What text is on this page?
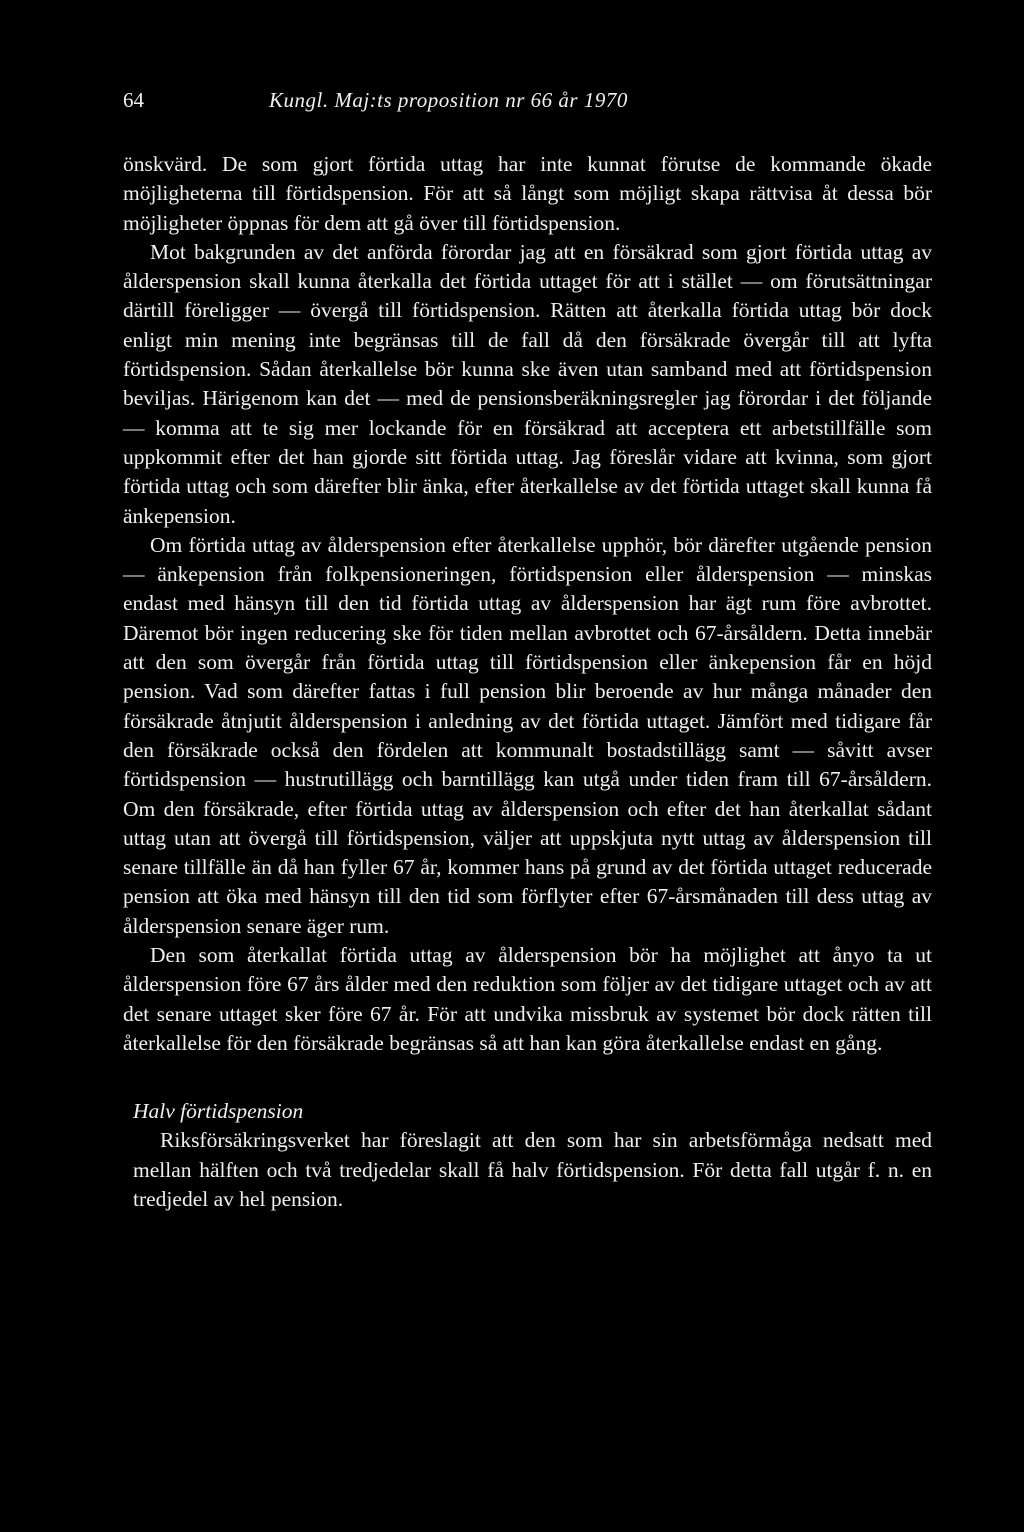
64	Kungl. Maj:ts proposition nr 66 år 1970

önskvärd. De som gjort förtida uttag har inte kunnat förutse de kommande ökade möjligheterna till förtidspension. För att så långt som möjligt skapa rättvisa åt dessa bör möjligheter öppnas för dem att gå över till förtidspension.

Mot bakgrunden av det anförda förordar jag att en försäkrad som gjort förtida uttag av ålderspension skall kunna återkalla det förtida uttaget för att i stället — om förutsättningar därtill föreligger — övergå till förtidspension. Rätten att återkalla förtida uttag bör dock enligt min mening inte begränsas till de fall då den försäkrade övergår till att lyfta förtidspension. Sådan återkallelse bör kunna ske även utan samband med att förtidspension beviljas. Härigenom kan det — med de pensionsberäkningsregler jag förordar i det följande — komma att te sig mer lockande för en försäkrad att acceptera ett arbetstillfälle som uppkommit efter det han gjorde sitt förtida uttag. Jag föreslår vidare att kvinna, som gjort förtida uttag och som därefter blir änka, efter återkallelse av det förtida uttaget skall kunna få änkepension.

Om förtida uttag av ålderspension efter återkallelse upphör, bör därefter utgående pension — änkepension från folkpensioneringen, förtidspension eller ålderspension — minskas endast med hänsyn till den tid förtida uttag av ålderspension har ägt rum före avbrottet. Däremot bör ingen reducering ske för tiden mellan avbrottet och 67-årsåldern. Detta innebär att den som övergår från förtida uttag till förtidspension eller änkepension får en höjd pension. Vad som därefter fattas i full pension blir beroende av hur många månader den försäkrade åtnjutit ålderspension i anledning av det förtida uttaget. Jämfört med tidigare får den försäkrade också den fördelen att kommunalt bostadstillägg samt — såvitt avser förtidspension — hustrutillägg och barntillägg kan utgå under tiden fram till 67-årsåldern. Om den försäkrade, efter förtida uttag av ålderspension och efter det han återkallat sådant uttag utan att övergå till förtidspension, väljer att uppskjuta nytt uttag av ålderspension till senare tillfälle än då han fyller 67 år, kommer hans på grund av det förtida uttaget reducerade pension att öka med hänsyn till den tid som förflyter efter 67-årsmånaden till dess uttag av ålderspension senare äger rum.

Den som återkallat förtida uttag av ålderspension bör ha möjlighet att ånyo ta ut ålderspension före 67 års ålder med den reduktion som följer av det tidigare uttaget och av att det senare uttaget sker före 67 år. För att undvika missbruk av systemet bör dock rätten till återkallelse för den försäkrade begränsas så att han kan göra återkallelse endast en gång.

Halv förtidspension

Riksförsäkringsverket har föreslagit att den som har sin arbetsförmåga nedsatt med mellan hälften och två tredjedelar skall få halv förtidspension. För detta fall utgår f. n. en tredjedel av hel pension.
